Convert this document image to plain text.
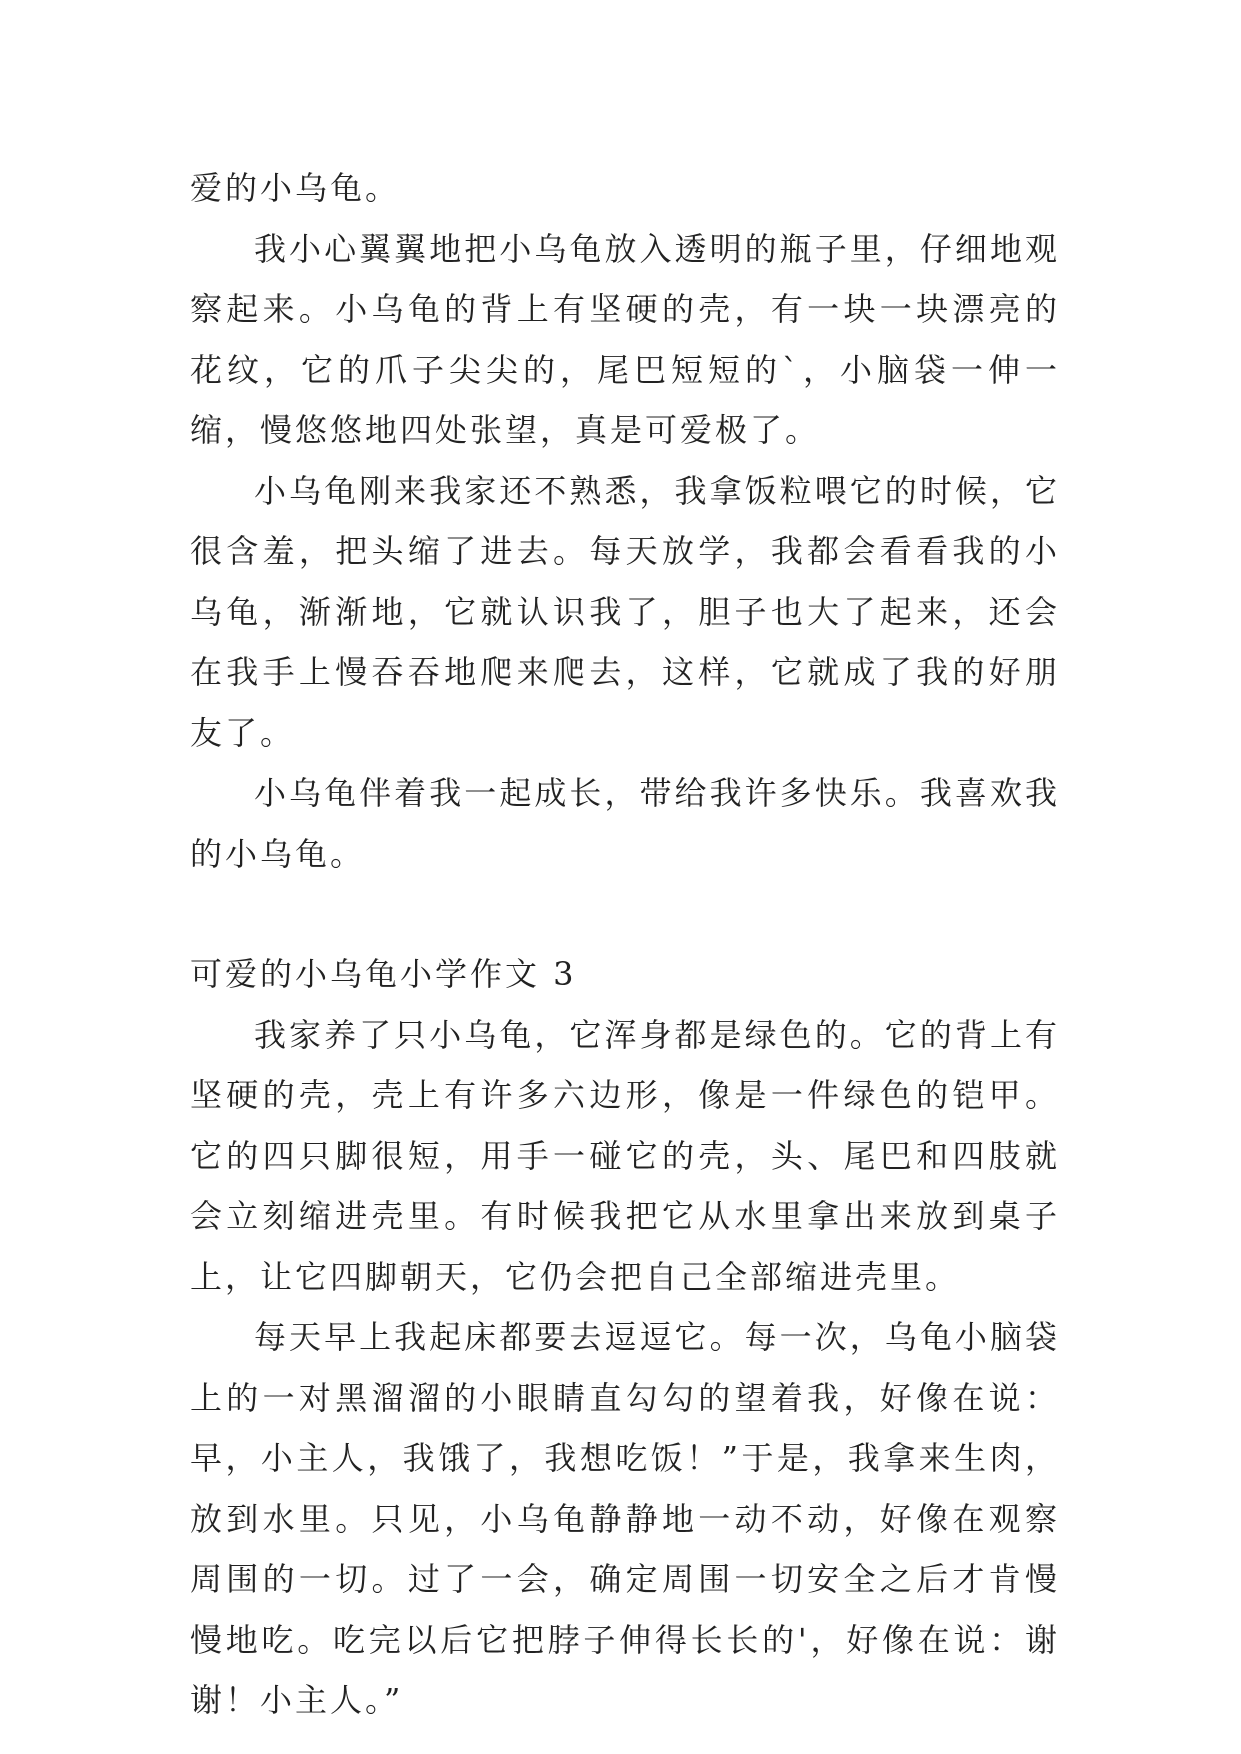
爱的小乌龟。

我小心翼翼地把小乌龟放入透明的瓶子里，仔细地观察起来。小乌龟的背上有坚硬的壳，有一块一块漂亮的花纹，它的爪子尖尖的，尾巴短短的`，小脑袋一伸一缩，慢悠悠地四处张望，真是可爱极了。

小乌龟刚来我家还不熟悉，我拿饭粒喂它的时候，它很含羞，把头缩了进去。每天放学，我都会看看我的小乌龟，渐渐地，它就认识我了，胆子也大了起来，还会在我手上慢吞吞地爬来爬去，这样，它就成了我的好朋友了。

小乌龟伴着我一起成长，带给我许多快乐。我喜欢我的小乌龟。

可爱的小乌龟小学作文 3

我家养了只小乌龟，它浑身都是绿色的。它的背上有坚硬的壳，壳上有许多六边形，像是一件绿色的铠甲。它的四只脚很短，用手一碰它的壳，头、尾巴和四肢就会立刻缩进壳里。有时候我把它从水里拿出来放到桌子上，让它四脚朝天，它仍会把自己全部缩进壳里。

每天早上我起床都要去逗逗它。每一次，乌龟小脑袋上的一对黑溜溜的小眼睛直勾勾的望着我，好像在说：早，小主人，我饿了，我想吃饭！”于是，我拿来生肉，放到水里。只见，小乌龟静静地一动不动，好像在观察周围的一切。过了一会，确定周围一切安全之后才肯慢慢地吃。吃完以后它把脖子伸得长长的'，好像在说：谢谢！小主人。”
